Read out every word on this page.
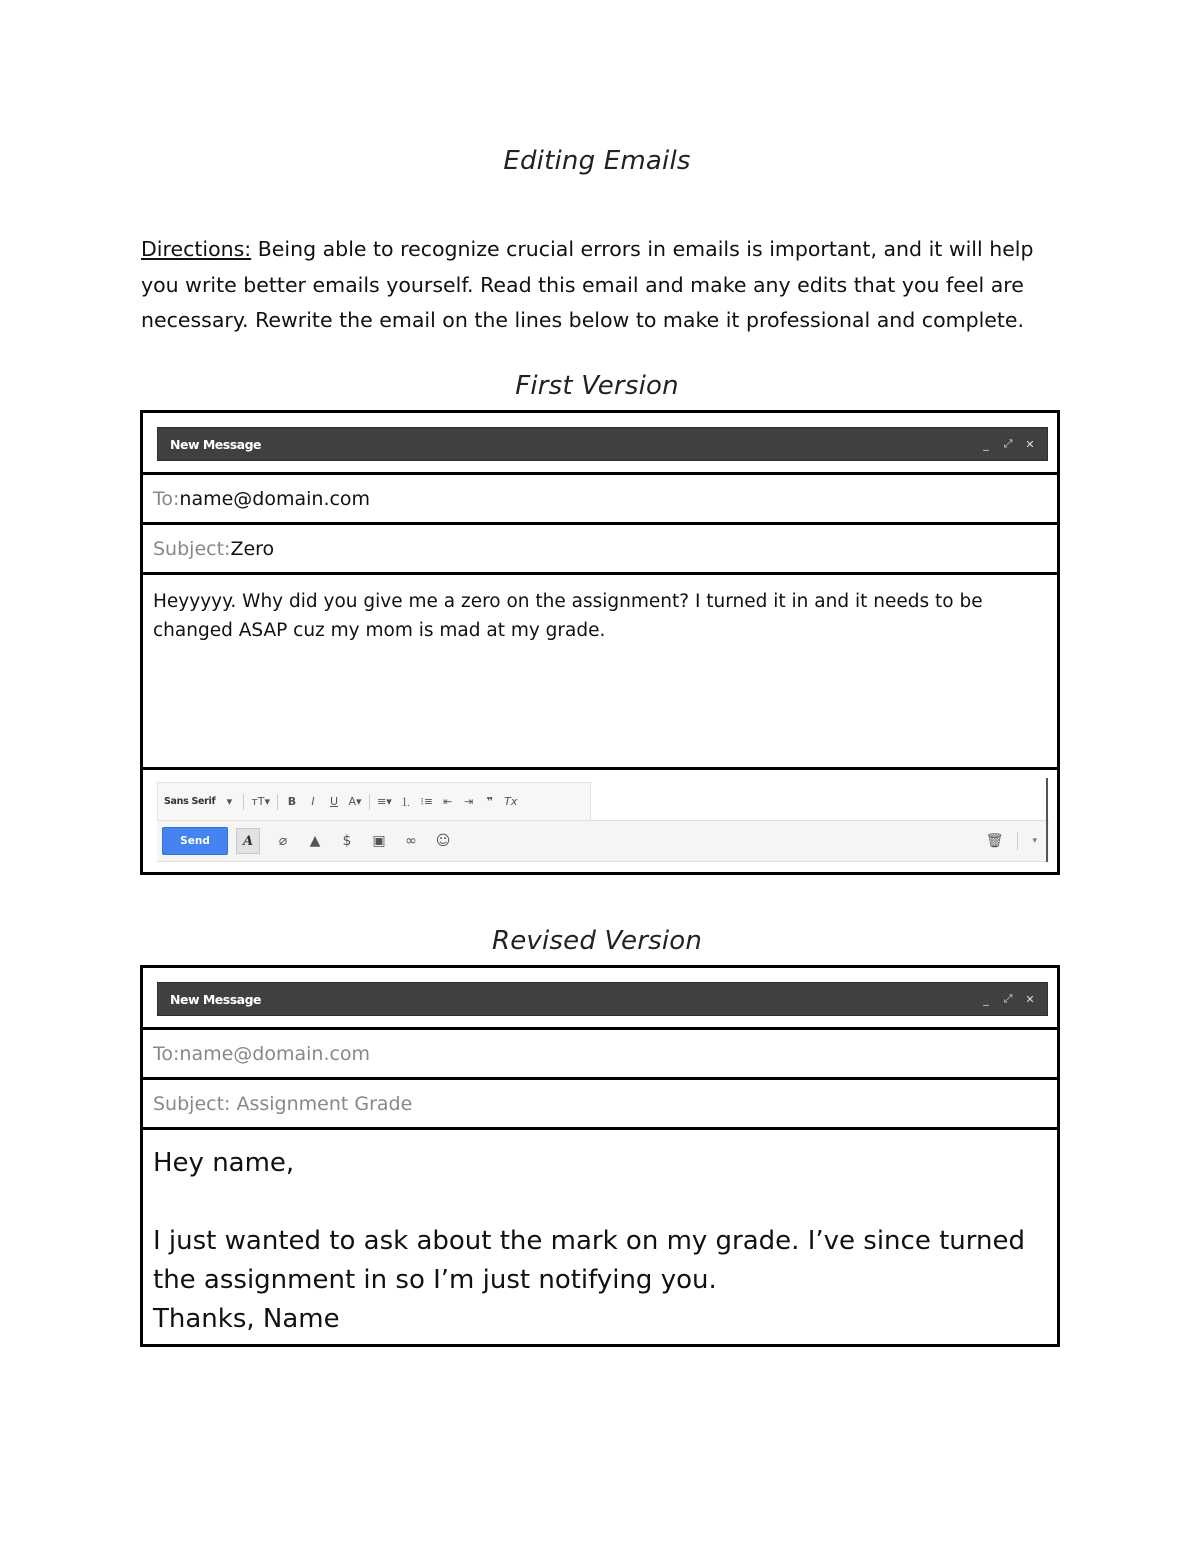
Editing Emails
Directions: Being able to recognize crucial errors in emails is important, and it will help you write better emails yourself. Read this email and make any edits that you feel are necessary. Rewrite the email on the lines below to make it professional and complete.
First Version
New Message	_ ⤢ ✕
To: name@domain.com
Subject: Zero
Heyyyyy. Why did you give me a zero on the assignment? I turned it in and it needs to be changed ASAP cuz my mom is mad at my grade.
Sans Serif	▾	ᴛT▾ B	I	U A▾ ≡▾ ⒈ ⁝≡ ⇤ ⇥	❞	Tx
Send	A	⌀	▲	$	▣ ∞ ☺	🗑︎	▾
Revised Version
New Message	_ ⤢ ✕
To:name@domain.com
Subject: Assignment Grade
Hey name,
I just wanted to ask about the mark on my grade. I’ve since turned the assignment in so I’m just notifying you.
Thanks, Name
